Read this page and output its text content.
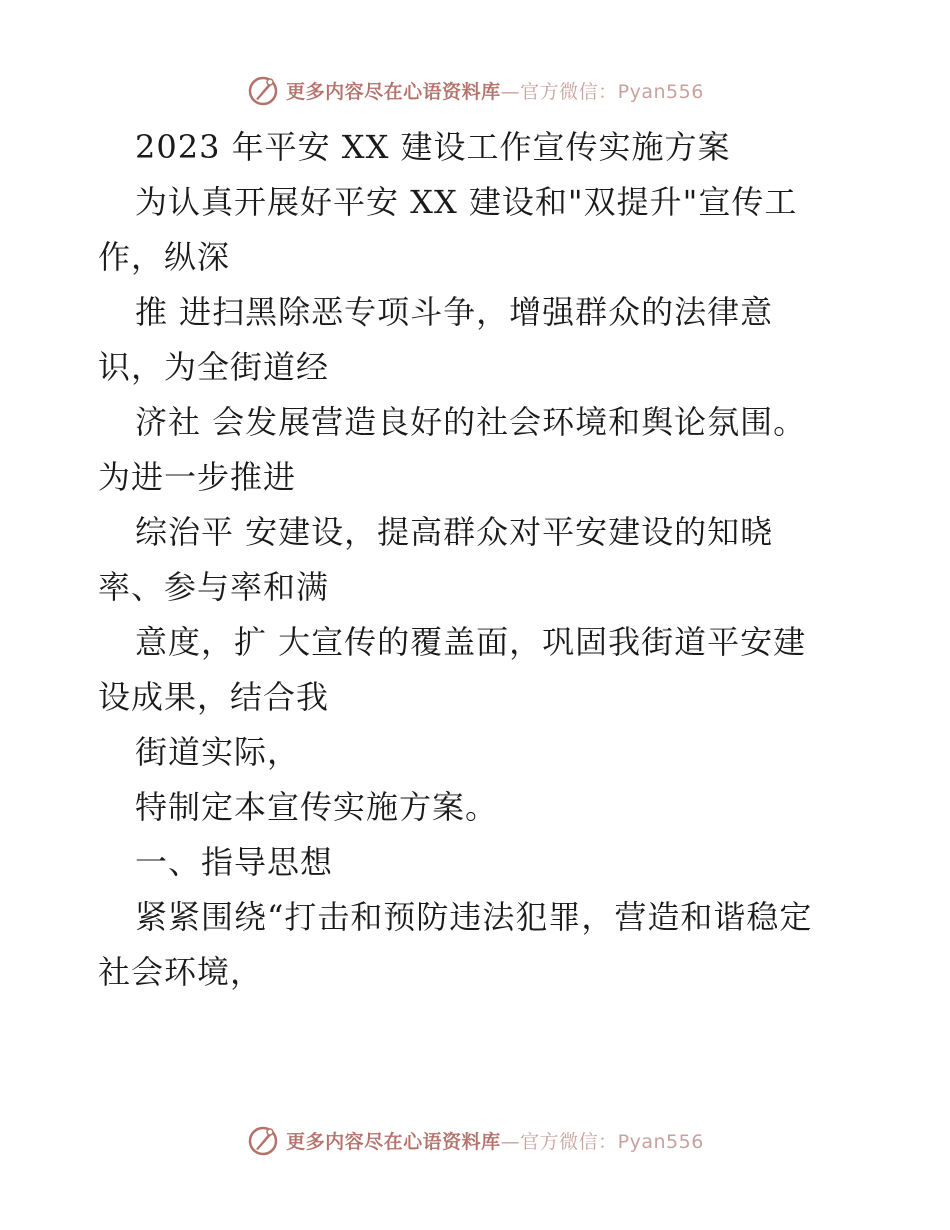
更多内容尽在心语资料库—官方微信：Pyan556
2023 年平安 XX 建设工作宣传实施方案
为认真开展好平安 XX 建设和"双提升"宣传工
作，纵深
推 进扫黑除恶专项斗争，增强群众的法律意
识，为全街道经
济社 会发展营造良好的社会环境和舆论氛围。
为进一步推进
综治平 安建设，提高群众对平安建设的知晓
率、参与率和满
意度，扩 大宣传的覆盖面，巩固我街道平安建
设成果，结合我
街道实际，
特制定本宣传实施方案。
一、指导思想
紧紧围绕“打击和预防违法犯罪，营造和谐稳定
社会环境，
更多内容尽在心语资料库—官方微信：Pyan556
